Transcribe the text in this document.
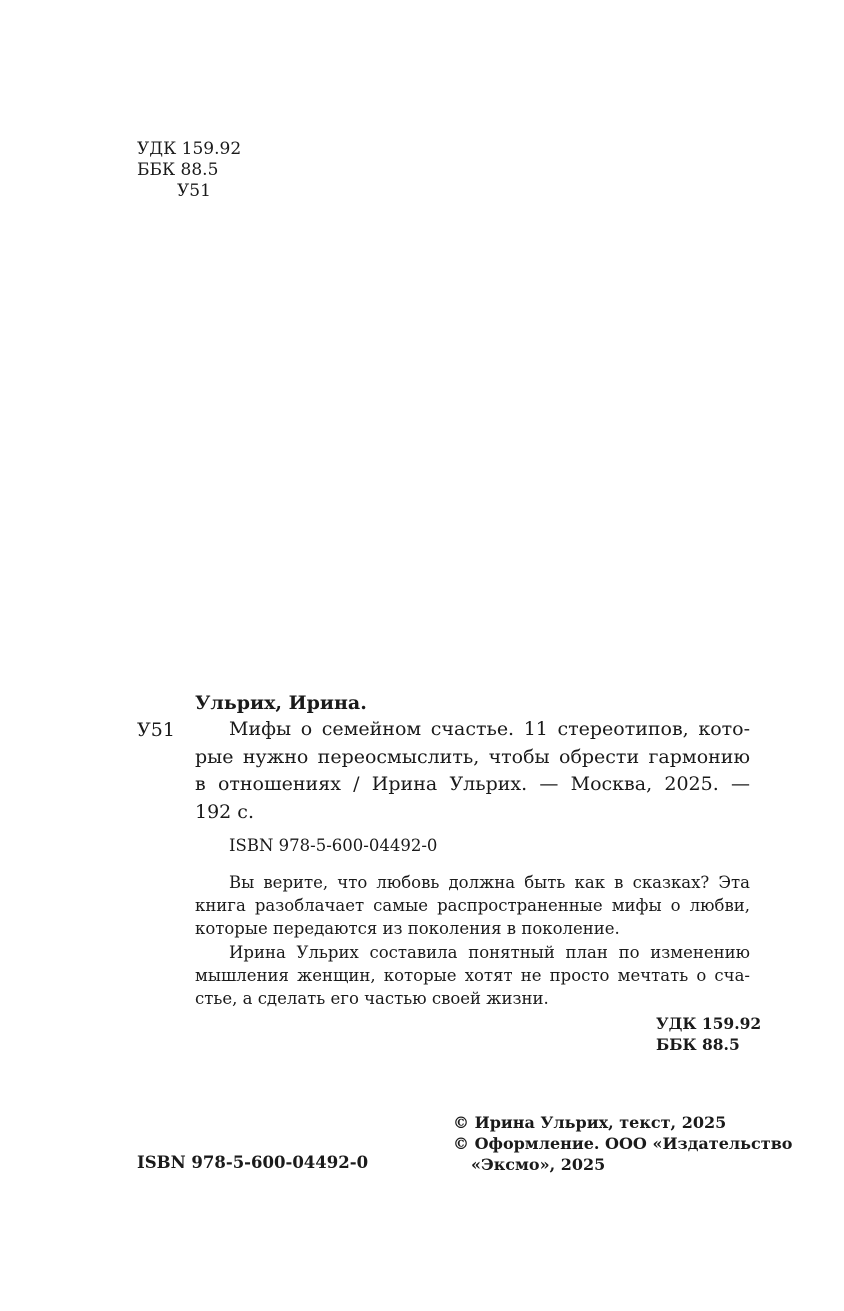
УДК 159.92
ББК 88.5
У51
Ульрих, Ирина.
У51	Мифы о семейном счастье. 11 стереотипов, кото-
рые нужно переосмыслить, чтобы обрести гармонию
в отношениях / Ирина Ульрих. — Москва, 2025. —
192 с.
ISBN 978-5-600-04492-0
Вы верите, что любовь должна быть как в сказках? Эта
книга разоблачает самые распространенные мифы о любви,
которые передаются из поколения в поколение.
Ирина Ульрих составила понятный план по изменению
мышления женщин, которые хотят не просто мечтать о сча-
стье, а сделать его частью своей жизни.
УДК 159.92
ББК 88.5
© Ирина Ульрих, текст, 2025
© Оформление. ООО «Издательство
«Эксмо», 2025
ISBN 978-5-600-04492-0
